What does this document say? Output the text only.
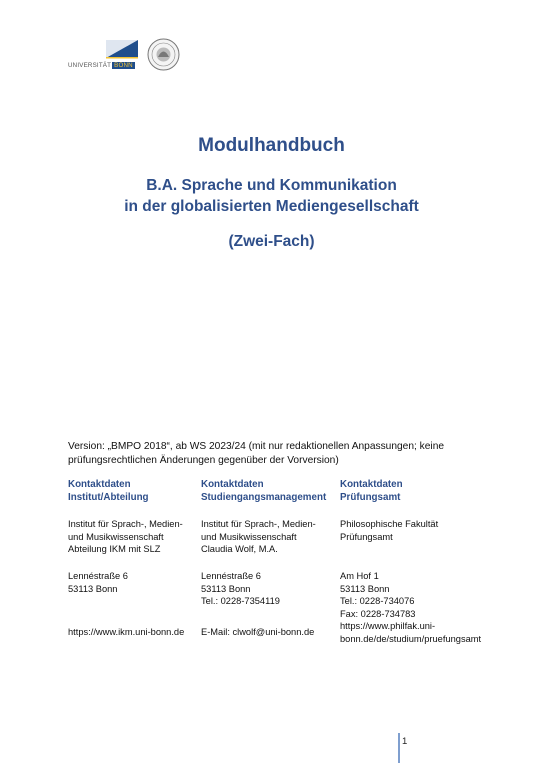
UNIVERSITÄT BONN
Modulhandbuch
B.A. Sprache und Kommunikation
in der globalisierten Mediengesellschaft
(Zwei-Fach)
Version: „BMPO 2018“, ab WS 2023/24 (mit nur redaktionellen Anpassungen; keine
prüfungsrechtlichen Änderungen gegenüber der Vorversion)
Kontaktdaten
Institut/Abteilung
Institut für Sprach-, Medien-
und Musikwissenschaft
Abteilung IKM mit SLZ
Lennéstraße 6
53113 Bonn
https://www.ikm.uni-bonn.de
Kontaktdaten
Studiengangsmanagement
Institut für Sprach-, Medien-
und Musikwissenschaft
Claudia Wolf, M.A.
Lennéstraße 6
53113 Bonn
Tel.: 0228-7354119
E-Mail: clwolf@uni-bonn.de
Kontaktdaten
Prüfungsamt
Philosophische Fakultät
Prüfungsamt
Am Hof 1
53113 Bonn
Tel.: 0228-734076
Fax: 0228-734783
https://www.philfak.uni-
bonn.de/de/studium/pruefungsamt
1
